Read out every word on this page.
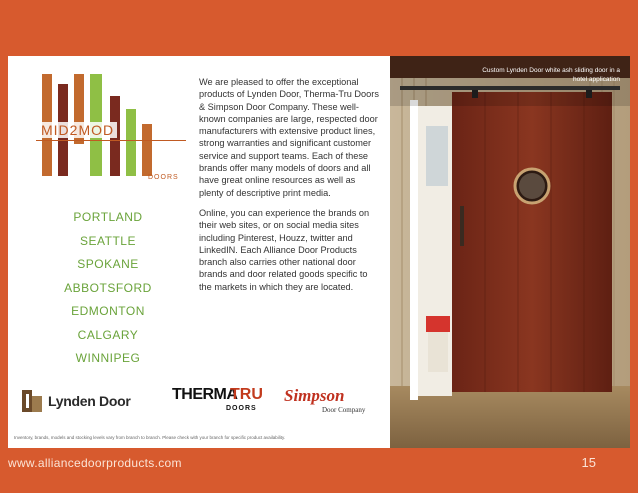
MID2MOD
DOORS
PORTLAND
SEATTLE
SPOKANE
ABBOTSFORD
EDMONTON
CALGARY
WINNIPEG

We are pleased to offer the exceptional products of Lynden Door, Therma-Tru Doors & Simpson Door Company. These well-known companies are large, respected door manufacturers with extensive product lines, strong warranties and significant customer service and support teams. Each of these brands offer many models of doors and all have great online resources as well as plenty of descriptive print media.

Online, you can experience the brands on their web sites, or on social media sites including Pinterest, Houzz, twitter and LinkedIN. Each Alliance Door Products branch also carries other national door brands and door related goods specific to the markets in which they are located.

Custom Lynden Door white ash sliding door in a hotel application
Lynden Door	THERMA
TRU
DOORS
Simpson
Door Company
Inventory, brands, models and stocking levels vary from branch to branch. Please check with your branch for specific product availability.
www.alliancedoorproducts.com	15
